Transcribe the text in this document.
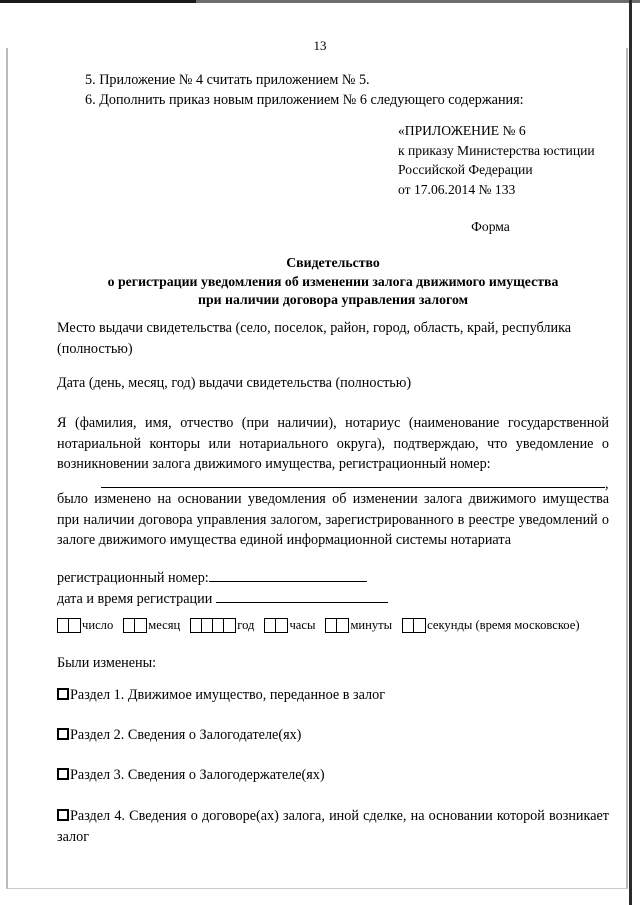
13
5. Приложение № 4 считать приложением № 5.
6. Дополнить приказ новым приложением № 6 следующего содержания:
«ПРИЛОЖЕНИЕ № 6
к приказу Министерства юстиции
Российской Федерации
от 17.06.2014 № 133
Форма
Свидетельство
о регистрации уведомления об изменении залога движимого имущества
при наличии договора управления залогом
Место выдачи свидетельства (село, поселок, район, город, область, край, республика
(полностью)
Дата (день, месяц, год) выдачи свидетельства (полностью)
Я (фамилия, имя, отчество (при наличии), нотариус (наименование государственной нотариальной конторы или нотариального округа), подтверждаю, что уведомление о возникновении залога движимого имущества, регистрационный номер:
,
было изменено на основании уведомления об изменении залога движимого имущества при наличии договора управления залогом, зарегистрированного в реестре уведомлений о залоге движимого имущества единой информационной системы нотариата
регистрационный номер:
дата и время регистрации
число	месяц	год	часы	минуты	секунды (время московское)
Были изменены:
Раздел 1. Движимое имущество, переданное в залог
Раздел 2. Сведения о Залогодателе(ях)
Раздел 3. Сведения о Залогодержателе(ях)
Раздел 4. Сведения о договоре(ах) залога, иной сделке, на основании которой возникает залог
